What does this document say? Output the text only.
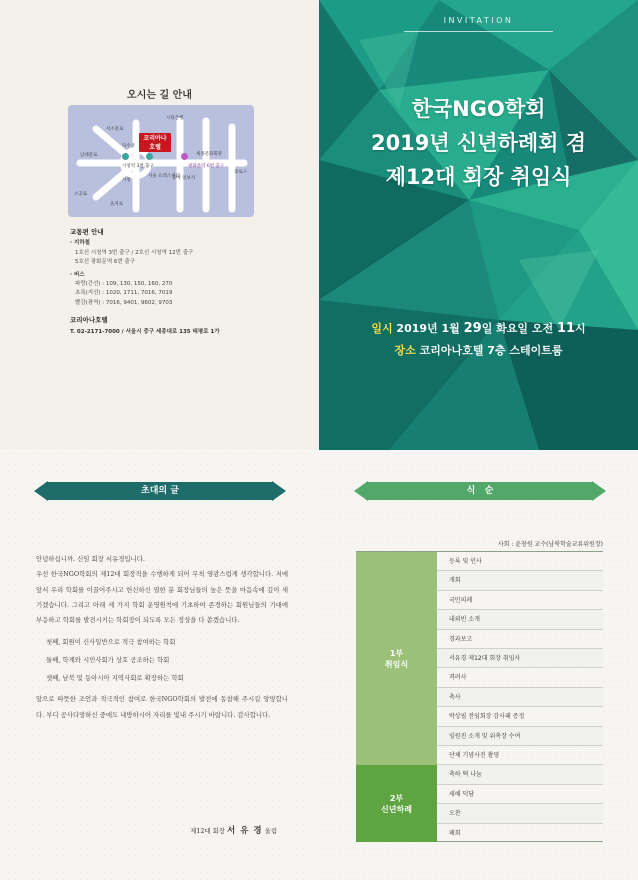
오시는 길 안내
코리아나
호텔
시티은행
서소문로
덕수궁
남대문로
시청역 3번 출구
서울 프레스센터
시청
소공로
을지로
세종문화회관
광화문역 6번 출구
동아 일보사
종로구
교통편 안내
· 지하철
1호선 시청역 3번 출구 / 2호선 시청역 12번 출구
5호선 광화문역 6번 출구
· 버스
파랑(간선) : 109, 130, 150, 160, 270
초록(지선) : 1020, 1711, 7016, 7019
빨강(광역) : 7016, 9401, 9602, 9703
코리아나호텔
T. 02-2171-7000 / 서울시 중구 세종대로 135 태평로 1가
INVITATION
한국NGO학회
2019년 신년하례회 겸
제12대 회장 취임식
일시 2019년 1월 29일 화요일 오전 11시
장소 코리아나호텔 7층 스테이트룸
초대의 글

안녕하십니까. 신임 회장 서유경입니다.

우선 한국NGO학회의 제12대 회장직을 수행하게 되어 무척 영광스럽게 생각합니다. 저에 앞서 우리 학회를 이끌어주시고 헌신하신 열한 분 회장님들의 높은 뜻을 마음속에 깊이 새기겠습니다. 그리고 아래 세 가지 학회 운영원칙에 기초하여 존경하는 회원님들의 기대에 부응하고 학회를 발전시키는 학회장이 되도록 모든 정성을 다 쏟겠습니다.

첫째, 회원이 신사일반으로 적극 참여하는 학회
둘째, 학계와 시민사회가 상호 공조하는 학회
셋째, 남북 및 동아시아 지역사회로 확장하는 학회

앞으로 따뜻한 조언과 적극적인 참여로 한국NGO학회의 발전에 동참해 주시길 앙망합니다. 부디 공사다망하신 중에도 내방하시어 자리를 빛내 주시기 바랍니다. 감사합니다.

제12대 회장 서 유 경 올림
식   순
사회 : 윤창원 교수(남북학술교류위원장)
1부
취임식
2부
신년하례
등록 및 인사
개회
국민의례
내외빈 소개
경과보고
서유경 제12대 회장 취임사
격려사
축사
박상필 전임회장 감사패 증정
임원진 소개 및 위촉장 수여
단체 기념사진 촬영
축하 떡 나눔
새해 덕담
오찬
폐회
